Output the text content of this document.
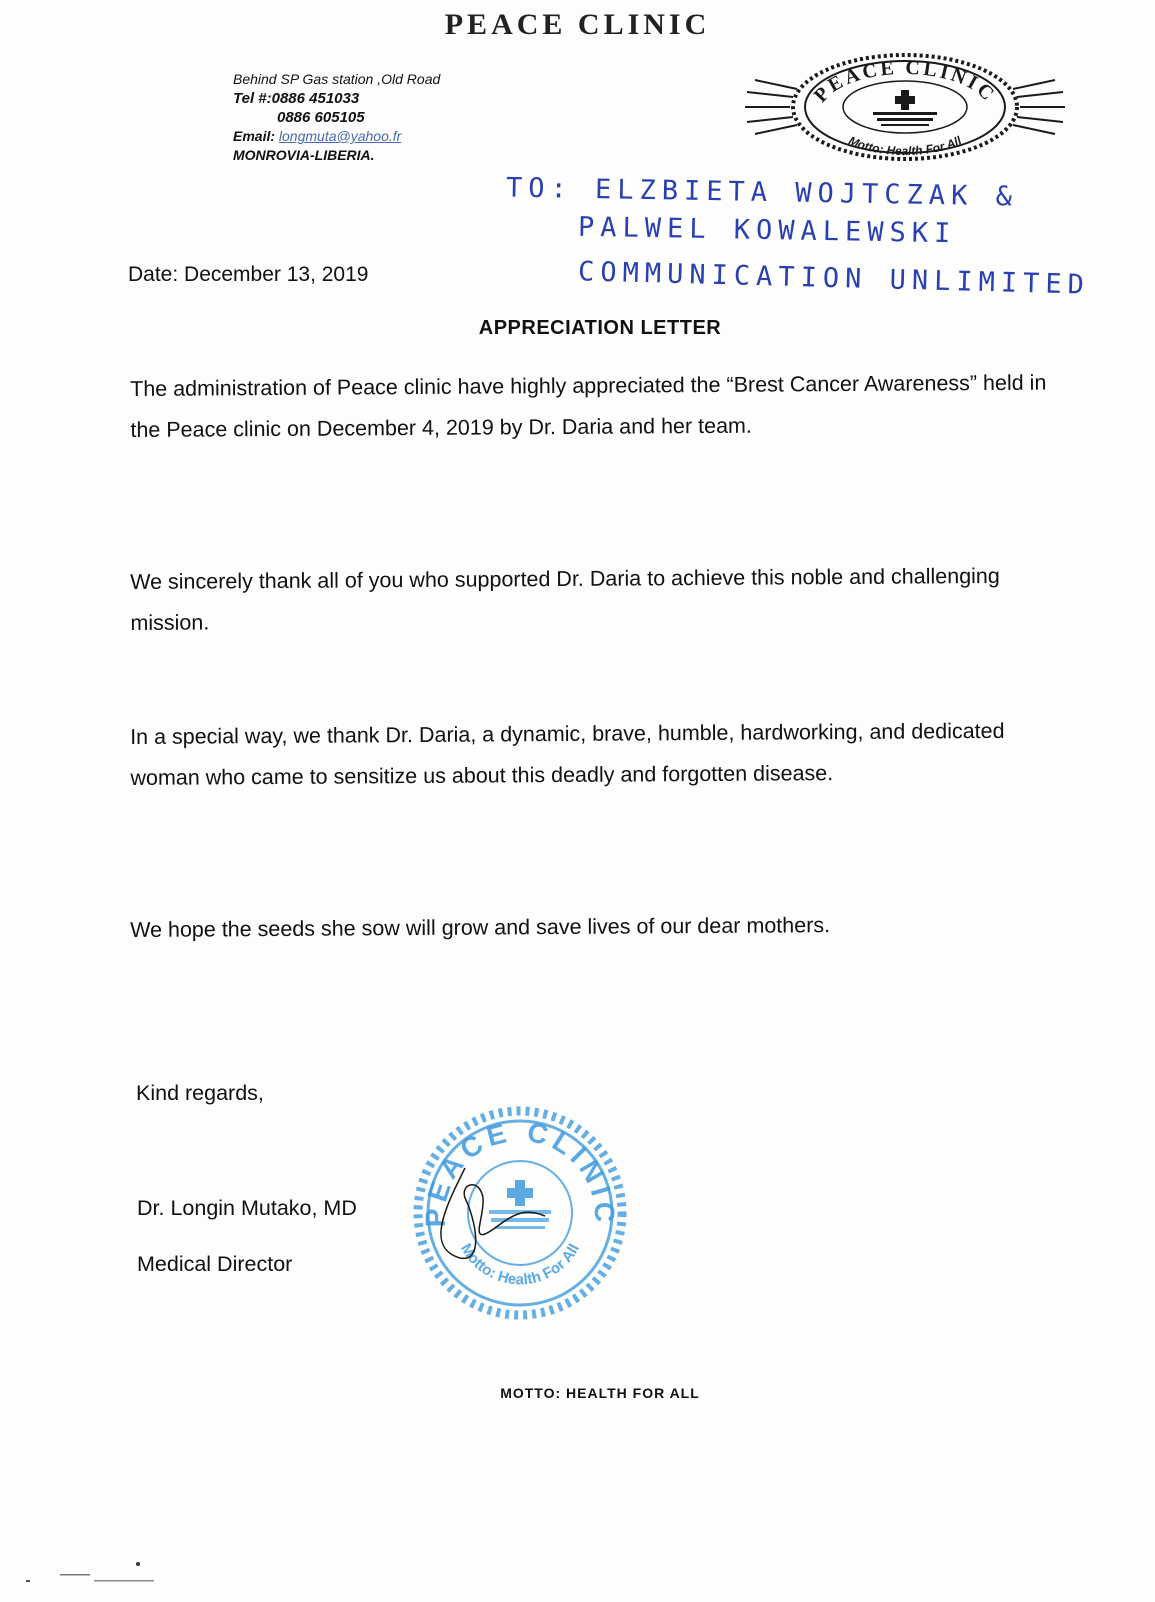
PEACE CLINIC
Behind SP Gas station ,Old Road
Tel #:0886 451033
0886 605105
Email: longmuta@yahoo.fr
MONROVIA-LIBERIA.
PEACE CLINIC
Motto: Health For All
TO: ELZBIETA WOJTCZAK &
PALWEL KOWALEWSKI
COMMUNICATION UNLIMITED
Date: December 13, 2019
APPRECIATION LETTER
The administration of Peace clinic have highly appreciated the “Brest Cancer Awareness” held in the Peace clinic on December 4, 2019 by Dr. Daria and her team.
We sincerely thank all of you who supported Dr. Daria to achieve this noble and challenging mission.
In a special way, we thank Dr. Daria, a dynamic, brave, humble, hardworking, and dedicated woman who came to sensitize us about this deadly and forgotten disease.
We hope the seeds she sow will grow and save lives of our dear mothers.
Kind regards,
Dr. Longin Mutako, MD
Medical Director
PEACE CLINIC
Motto: Health For All
MOTTO: HEALTH FOR ALL
